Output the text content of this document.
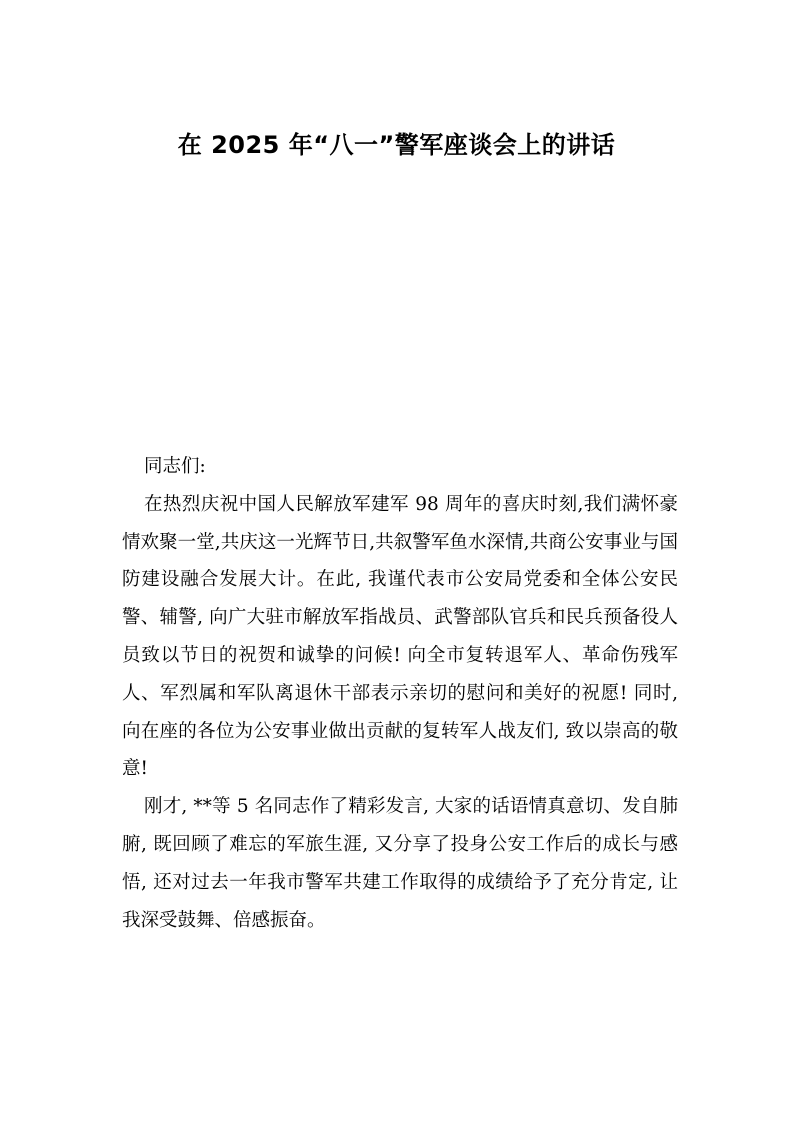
在 2025 年“八一”警军座谈会上的讲话

同志们:

在热烈庆祝中国人民解放军建军 98 周年的喜庆时刻,我们满怀豪情欢聚一堂,共庆这一光辉节日,共叙警军鱼水深情,共商公安事业与国防建设融合发展大计。在此, 我谨代表市公安局党委和全体公安民警、辅警, 向广大驻市解放军指战员、武警部队官兵和民兵预备役人员致以节日的祝贺和诚挚的问候! 向全市复转退军人、革命伤残军人、军烈属和军队离退休干部表示亲切的慰问和美好的祝愿! 同时, 向在座的各位为公安事业做出贡献的复转军人战友们, 致以崇高的敬意!

刚才, **等 5 名同志作了精彩发言, 大家的话语情真意切、发自肺腑, 既回顾了难忘的军旅生涯, 又分享了投身公安工作后的成长与感悟, 还对过去一年我市警军共建工作取得的成绩给予了充分肯定, 让我深受鼓舞、倍感振奋。
